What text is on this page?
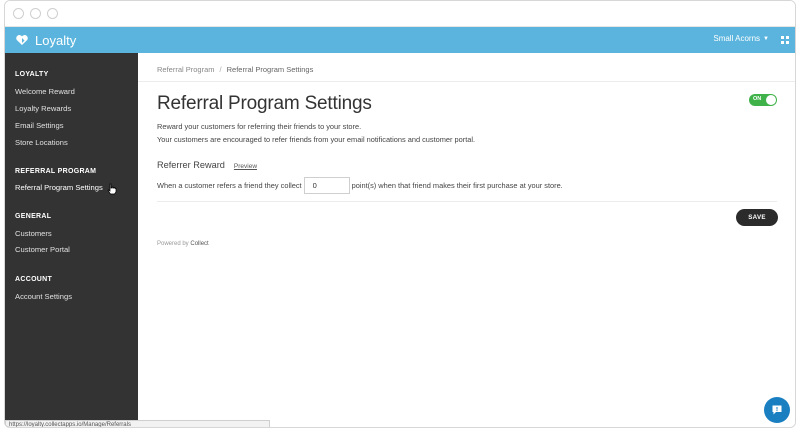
Loyalty	Small Acorns ▼
LOYALTY
Welcome Reward
Loyalty Rewards
Email Settings
Store Locations
REFERRAL PROGRAM
Referral Program Settings
GENERAL
Customers
Customer Portal
ACCOUNT
Account Settings
Referral Program / Referral Program Settings
Referral Program Settings	ON
Reward your customers for referring their friends to your store.
Your customers are encouraged to refer friends from your email notifications and customer portal.
Referrer Reward Preview
When a customer refers a friend they collect
0	point(s) when that friend makes their first purchase at your store.
SAVE
Powered by Collect
https://loyalty.collectapps.io/Manage/Referrals
